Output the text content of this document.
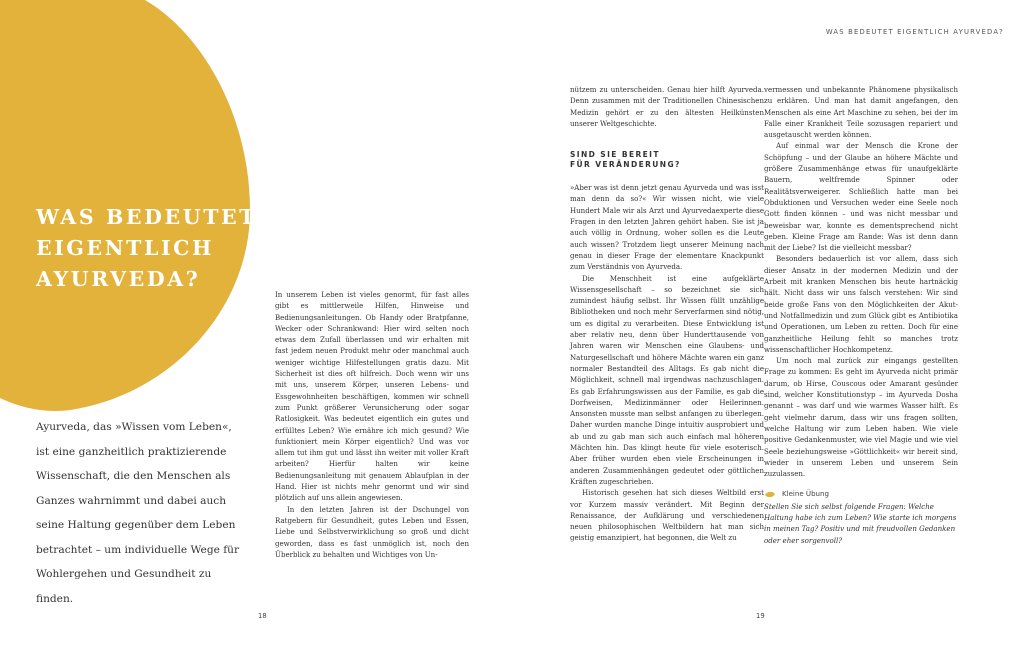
WAS BEDEUTET
EIGENTLICH
AYURVEDA?

Ayurveda, das »Wissen vom Leben«, ist eine ganzheitlich praktizierende Wissenschaft, die den Menschen als Ganzes wahrnimmt und dabei auch seine Haltung gegenüber dem Leben betrachtet – um individuelle Wege für Wohlergehen und Gesundheit zu finden.

WAS BEDEUTET EIGENTLICH AYURVEDA?

In unserem Leben ist vieles genormt, für fast alles gibt es mittlerweile Hilfen, Hinweise und Bedienungsanleitungen. Ob Handy oder Bratpfanne, Wecker oder Schrankwand: Hier wird selten noch etwas dem Zufall überlassen und wir erhalten mit fast jedem neuen Produkt mehr oder manchmal auch weniger wichtige Hilfestellungen gratis dazu. Mit Sicherheit ist dies oft hilfreich. Doch wenn wir uns mit uns, unserem Körper, unseren Lebens- und Essgewohnheiten beschäftigen, kommen wir schnell zum Punkt größerer Verunsicherung oder sogar Ratlosigkeit. Was bedeutet eigentlich ein gutes und erfülltes Leben? Wie ernähre ich mich gesund? Wie funktioniert mein Körper eigentlich? Und was vor allem tut ihm gut und lässt ihn weiter mit voller Kraft arbeiten? Hierfür halten wir keine Bedienungsanleitung mit genauem Ablaufplan in der Hand. Hier ist nichts mehr genormt und wir sind plötzlich auf uns allein angewiesen.

In den letzten Jahren ist der Dschungel von Ratgebern für Gesundheit, gutes Leben und Essen, Liebe und Selbstverwirklichung so groß und dicht geworden, dass es fast unmöglich ist, noch den Überblick zu behalten und Wichtiges von Un-

nützem zu unterscheiden. Genau hier hilft Ayurveda. Denn zusammen mit der Traditionellen Chinesischen Medizin gehört er zu den ältesten Heilkünsten unserer Weltgeschichte.

SIND SIE BEREIT
FÜR VERÄNDERUNG?

»Aber was ist denn jetzt genau Ayurveda und was isst man denn da so?« Wir wissen nicht, wie viele Hundert Male wir als Arzt und Ayurvedaexperte diese Fragen in den letzten Jahren gehört haben. Sie ist ja auch völlig in Ordnung, woher sollen es die Leute auch wissen? Trotzdem liegt unserer Meinung nach genau in dieser Frage der elementare Knackpunkt zum Verständnis von Ayurveda.

Die Menschheit ist eine aufgeklärte Wissensgesellschaft – so bezeichnet sie sich zumindest häufig selbst. Ihr Wissen füllt unzählige Bibliotheken und noch mehr Serverfarmen sind nötig, um es digital zu verarbeiten. Diese Entwicklung ist aber relativ neu, denn über Hunderttausende von Jahren waren wir Menschen eine Glaubens- und Naturgesellschaft und höhere Mächte waren ein ganz normaler Bestandteil des Alltags. Es gab nicht die Möglichkeit, schnell mal irgendwas nachzuschlagen. Es gab Erfahrungswissen aus der Familie, es gab die Dorfweisen, Medizinmänner oder Heilerinnen. Ansonsten musste man selbst anfangen zu überlegen. Daher wurden manche Dinge intuitiv ausprobiert und ab und zu gab man sich auch einfach mal höheren Mächten hin. Das klingt heute für viele esoterisch. Aber früher wurden eben viele Erscheinungen in anderen Zusammenhängen gedeutet oder göttlichen Kräften zugeschrieben.

Historisch gesehen hat sich dieses Weltbild erst vor Kurzem massiv verändert. Mit Beginn der Renaissance, der Aufklärung und verschiedenen neuen philosophischen Weltbildern hat man sich geistig emanzipiert, hat begonnen, die Welt zu

vermessen und unbekannte Phänomene physikalisch zu erklären. Und man hat damit angefangen, den Menschen als eine Art Maschine zu sehen, bei der im Falle einer Krankheit Teile sozusagen repariert und ausgetauscht werden können.

Auf einmal war der Mensch die Krone der Schöpfung – und der Glaube an höhere Mächte und größere Zusammenhänge etwas für unaufgeklärte Bauern, weltfremde Spinner oder Realitätsverweigerer. Schließlich hatte man bei Obduktionen und Versuchen weder eine Seele noch Gott finden können – und was nicht messbar und beweisbar war, konnte es dementsprechend nicht geben. Kleine Frage am Rande: Was ist denn dann mit der Liebe? Ist die vielleicht messbar?

Besonders bedauerlich ist vor allem, dass sich dieser Ansatz in der modernen Medizin und der Arbeit mit kranken Menschen bis heute hartnäckig hält. Nicht dass wir uns falsch verstehen: Wir sind beide große Fans von den Möglichkeiten der Akut- und Notfallmedizin und zum Glück gibt es Antibiotika und Operationen, um Leben zu retten. Doch für eine ganzheitliche Heilung fehlt so manches trotz wissenschaftlicher Hochkompetenz.

Um noch mal zurück zur eingangs gestellten Frage zu kommen: Es geht im Ayurveda nicht primär darum, ob Hirse, Couscous oder Amarant gesünder sind, welcher Konstitutionstyp – im Ayurveda Dosha genannt – was darf und wie warmes Wasser hilft. Es geht vielmehr darum, dass wir uns fragen sollten, welche Haltung wir zum Leben haben. Wie viele positive Gedankenmuster, wie viel Magie und wie viel Seele beziehungsweise »Göttlichkeit« wir bereit sind, wieder in unserem Leben und unserem Sein zuzulassen.

Kleine Übung

Stellen Sie sich selbst folgende Fragen: Welche Haltung habe ich zum Leben? Wie starte ich morgens in meinen Tag? Positiv und mit freudvollen Gedanken oder eher sorgenvoll?

18	19
